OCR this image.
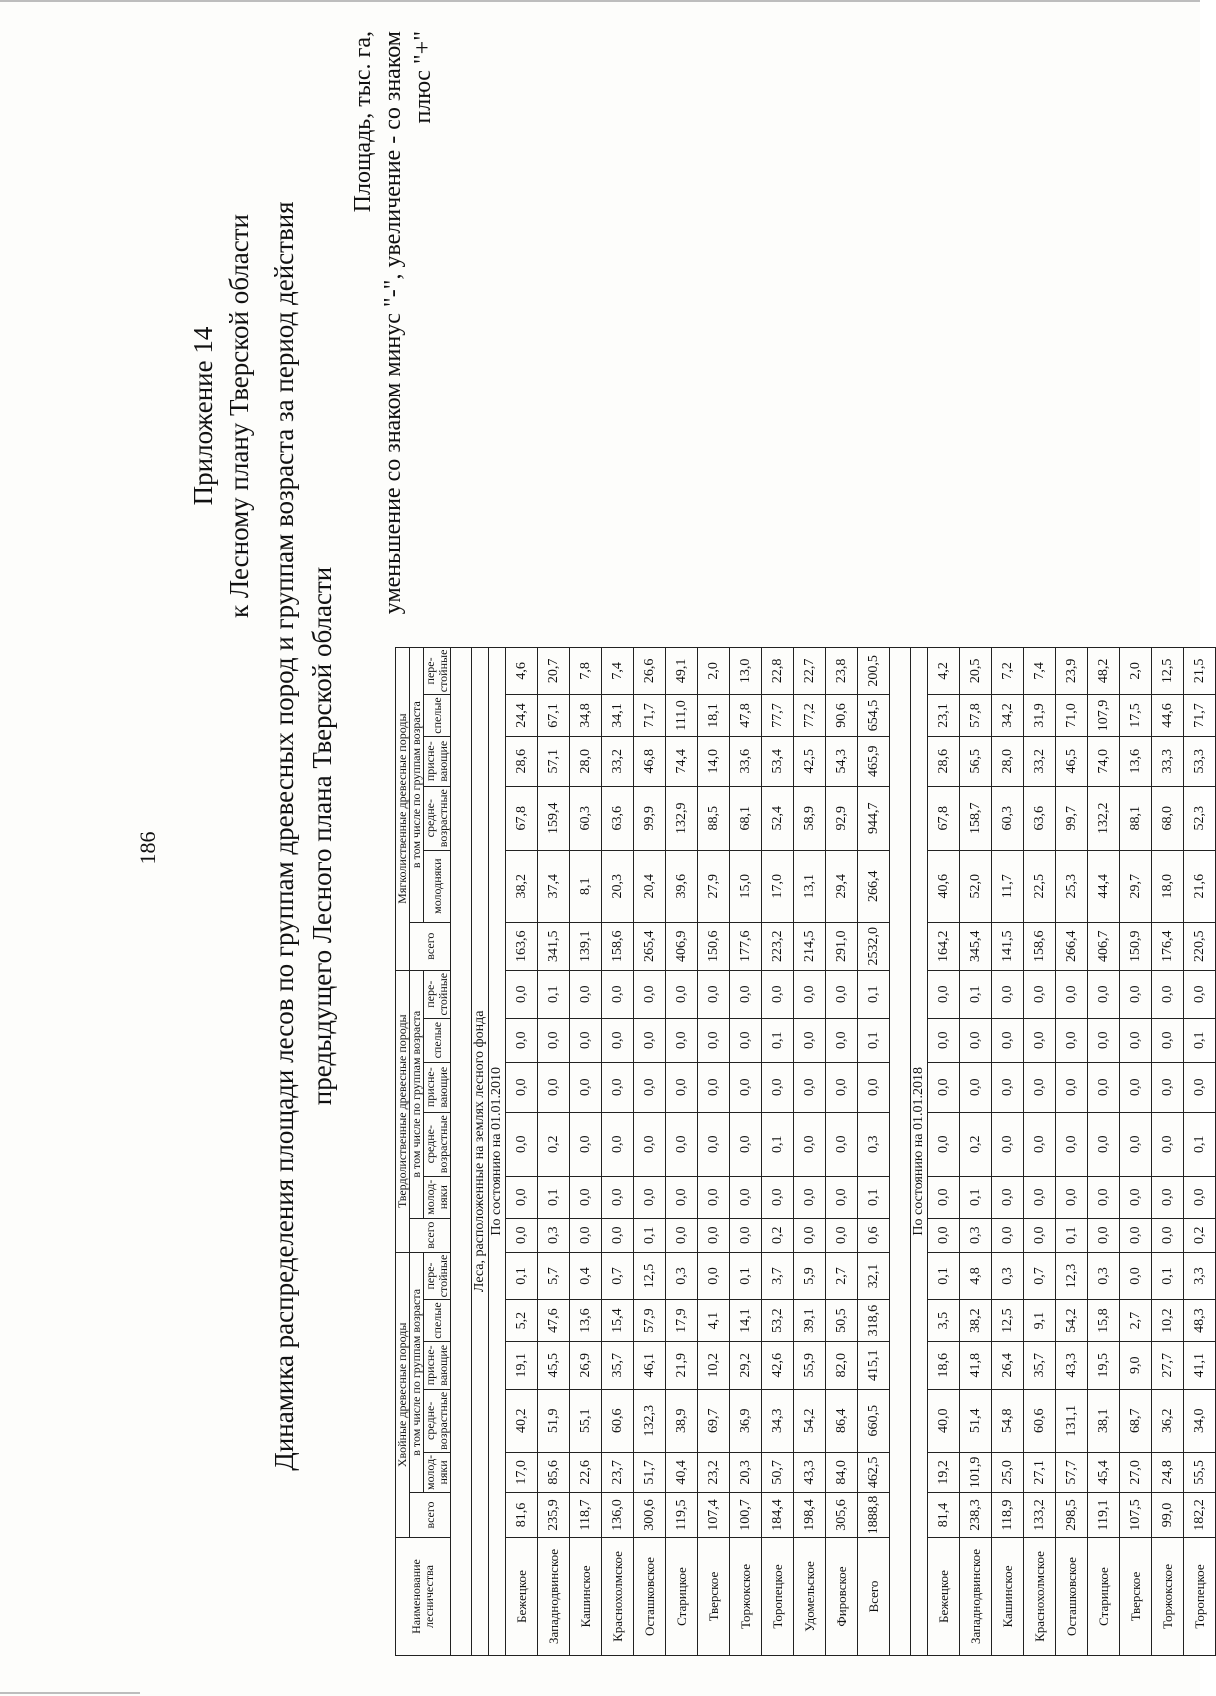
186
Приложение 14 к Лесному плану Тверской области Динамика распределения площади лесов по группам древесных пород и группам возраста за период действия предыдущего Лесного плана Тверской области
Площадь, тыс. га, уменьшение со знаком минус "-", увеличение - со знаком плюс "+"
Наименование лесничества	Хвойные древесные породы						Твердолиственные древесные породы						Мягколиственные древесные породы					
	всего	в том числе по группам возраста					всего	в том числе по группам возраста					всего	в том числе по группам возраста				
		молод-няки	средне-возрастные	присне-вающие	спелые	пере-стойные		молод-няки	средне-возрастные	присне-вающие	спелые	пере-стойные		молодняки	средне-возрастные	присне-вающие	спелые	пере-стойные

Леса, расположенные на землях лесного фонда																		
По состоянию на 01.01.2010																		
Бежецкое	81,6	17,0	40,2	19,1	5,2	0,1	0,0	0,0	0,0	0,0	0,0	0,0	163,6	38,2	67,8	28,6	24,4	4,6
Западнодвинское	235,9	85,6	51,9	45,5	47,6	5,7	0,3	0,1	0,2	0,0	0,0	0,1	341,5	37,4	159,4	57,1	67,1	20,7
Кашинское	118,7	22,6	55,1	26,9	13,6	0,4	0,0	0,0	0,0	0,0	0,0	0,0	139,1	8,1	60,3	28,0	34,8	7,8
Краснохолмское	136,0	23,7	60,6	35,7	15,4	0,7	0,0	0,0	0,0	0,0	0,0	0,0	158,6	20,3	63,6	33,2	34,1	7,4
Осташковское	300,6	51,7	132,3	46,1	57,9	12,5	0,1	0,0	0,0	0,0	0,0	0,0	265,4	20,4	99,9	46,8	71,7	26,6
Старицкое	119,5	40,4	38,9	21,9	17,9	0,3	0,0	0,0	0,0	0,0	0,0	0,0	406,9	39,6	132,9	74,4	111,0	49,1
Тверское	107,4	23,2	69,7	10,2	4,1	0,0	0,0	0,0	0,0	0,0	0,0	0,0	150,6	27,9	88,5	14,0	18,1	2,0
Торжокское	100,7	20,3	36,9	29,2	14,1	0,1	0,0	0,0	0,0	0,0	0,0	0,0	177,6	15,0	68,1	33,6	47,8	13,0
Торопецкое	184,4	50,7	34,3	42,6	53,2	3,7	0,2	0,0	0,1	0,0	0,1	0,0	223,2	17,0	52,4	53,4	77,7	22,8
Удомельское	198,4	43,3	54,2	55,9	39,1	5,9	0,0	0,0	0,0	0,0	0,0	0,0	214,5	13,1	58,9	42,5	77,2	22,7
Фировское	305,6	84,0	86,4	82,0	50,5	2,7	0,0	0,0	0,0	0,0	0,0	0,0	291,0	29,4	92,9	54,3	90,6	23,8
Всего	1888,8	462,5	660,5	415,1	318,6	32,1	0,6	0,1	0,3	0,0	0,1	0,1	2532,0	266,4	944,7	465,9	654,5	200,5

По состоянию на 01.01.2018																		
Бежецкое	81,4	19,2	40,0	18,6	3,5	0,1	0,0	0,0	0,0	0,0	0,0	0,0	164,2	40,6	67,8	28,6	23,1	4,2
Западнодвинское	238,3	101,9	51,4	41,8	38,2	4,8	0,3	0,1	0,2	0,0	0,0	0,1	345,4	52,0	158,7	56,5	57,8	20,5
Кашинское	118,9	25,0	54,8	26,4	12,5	0,3	0,0	0,0	0,0	0,0	0,0	0,0	141,5	11,7	60,3	28,0	34,2	7,2
Краснохолмское	133,2	27,1	60,6	35,7	9,1	0,7	0,0	0,0	0,0	0,0	0,0	0,0	158,6	22,5	63,6	33,2	31,9	7,4
Осташковское	298,5	57,7	131,1	43,3	54,2	12,3	0,1	0,0	0,0	0,0	0,0	0,0	266,4	25,3	99,7	46,5	71,0	23,9
Старицкое	119,1	45,4	38,1	19,5	15,8	0,3	0,0	0,0	0,0	0,0	0,0	0,0	406,7	44,4	132,2	74,0	107,9	48,2
Тверское	107,5	27,0	68,7	9,0	2,7	0,0	0,0	0,0	0,0	0,0	0,0	0,0	150,9	29,7	88,1	13,6	17,5	2,0
Торжокское	99,0	24,8	36,2	27,7	10,2	0,1	0,0	0,0	0,0	0,0	0,0	0,0	176,4	18,0	68,0	33,3	44,6	12,5
Торопецкое	182,2	55,5	34,0	41,1	48,3	3,3	0,2	0,0	0,1	0,0	0,1	0,0	220,5	21,6	52,3	53,3	71,7	21,5
